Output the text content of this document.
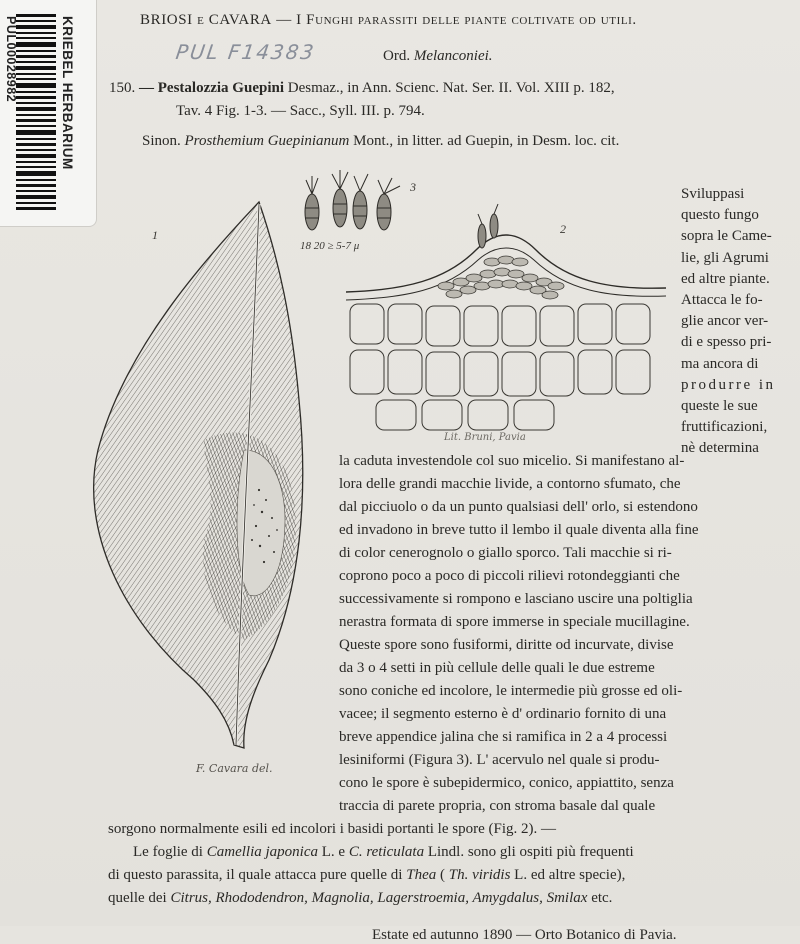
KRIEBEL HERBARIUM
PUL00028982	BRIOSI e CAVARA — I Funghi parassiti delle piante coltivate od utili.
PUL F14383	Ord. Melanconiei.
150. — Pestalozzia Guepini Desmaz., in Ann. Scienc. Nat. Ser. II. Vol. XIII p. 182,
Tav. 4 Fig. 1-3. — Sacc., Syll. III. p. 794.
Sinon. Prosthemium Guepinianum Mont., in litter. ad Guepin, in Desm. loc. cit.
1
3
18 20 ≥ 5-7 μ
2
Lit. Bruni, Pavia
F. Cavara del.
Sviluppasi
questo fungo
sopra le Came-
lie, gli Agrumi
ed altre piante.
Attacca le fo-
glie ancor ver-
di e spesso pri-
ma ancora di
produrre in
queste le sue
fruttificazioni,
nè determina
la caduta investendole col suo micelio. Si manifestano al-
lora delle grandi macchie livide, a contorno sfumato, che
dal picciuolo o da un punto qualsiasi dell' orlo, si estendono
ed invadono in breve tutto il lembo il quale diventa alla fine
di color cenerognolo o giallo sporco. Tali macchie si ri-
coprono poco a poco di piccoli rilievi rotondeggianti che
successivamente si rompono e lasciano uscire una poltiglia
nerastra formata di spore immerse in speciale mucillagine.
Queste spore sono fusiformi, diritte od incurvate, divise
da 3 o 4 setti in più cellule delle quali le due estreme
sono coniche ed incolore, le intermedie più grosse ed oli-
vacee; il segmento esterno è d' ordinario fornito di una
breve appendice jalina che si ramifica in 2 a 4 processi
lesiniformi (Figura 3). L' acervulo nel quale si produ-
cono le spore è subepidermico, conico, appiattito, senza
traccia di parete propria, con stroma basale dal quale
sorgono normalmente esili ed incolori i basidi portanti le spore (Fig. 2). —
Le foglie di Camellia japonica L. e C. reticulata Lindl. sono gli ospiti più frequenti
di questo parassita, il quale attacca pure quelle di Thea ( Th. viridis L. ed altre specie),
quelle dei Citrus, Rhododendron, Magnolia, Lagerstroemia, Amygdalus, Smilax etc.
Estate ed autunno 1890 — Orto Botanico di Pavia.
